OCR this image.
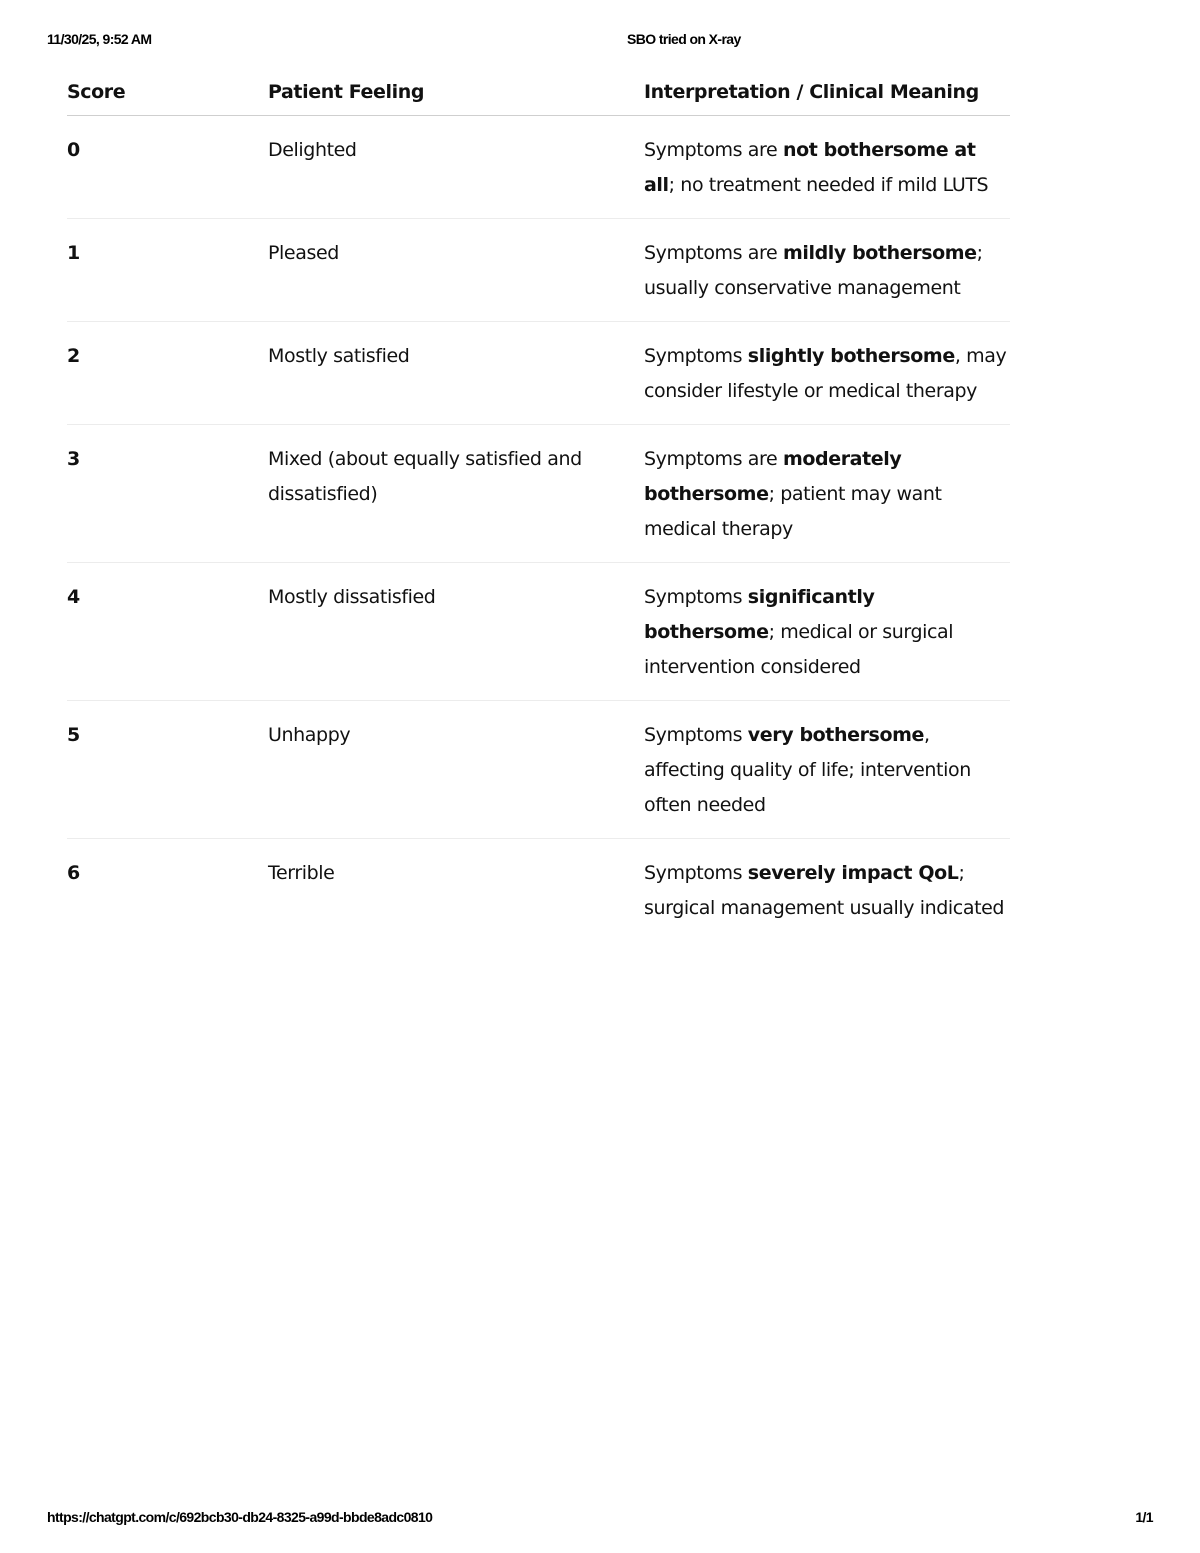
11/30/25, 9:52 AM	SBO tried on X-ray
Score	Patient Feeling	Interpretation / Clinical Meaning
0	Delighted	Symptoms are not bothersome at all; no treatment needed if mild LUTS
1	Pleased	Symptoms are mildly bothersome; usually conservative management
2	Mostly satisfied	Symptoms slightly bothersome, may consider lifestyle or medical therapy
3	Mixed (about equally satisfied and dissatisfied)	Symptoms are moderately bothersome; patient may want medical therapy
4	Mostly dissatisfied	Symptoms significantly bothersome; medical or surgical intervention considered
5	Unhappy	Symptoms very bothersome, affecting quality of life; intervention often needed
6	Terrible	Symptoms severely impact QoL; surgical management usually indicated
https://chatgpt.com/c/692bcb30-db24-8325-a99d-bbde8adc0810	1/1
